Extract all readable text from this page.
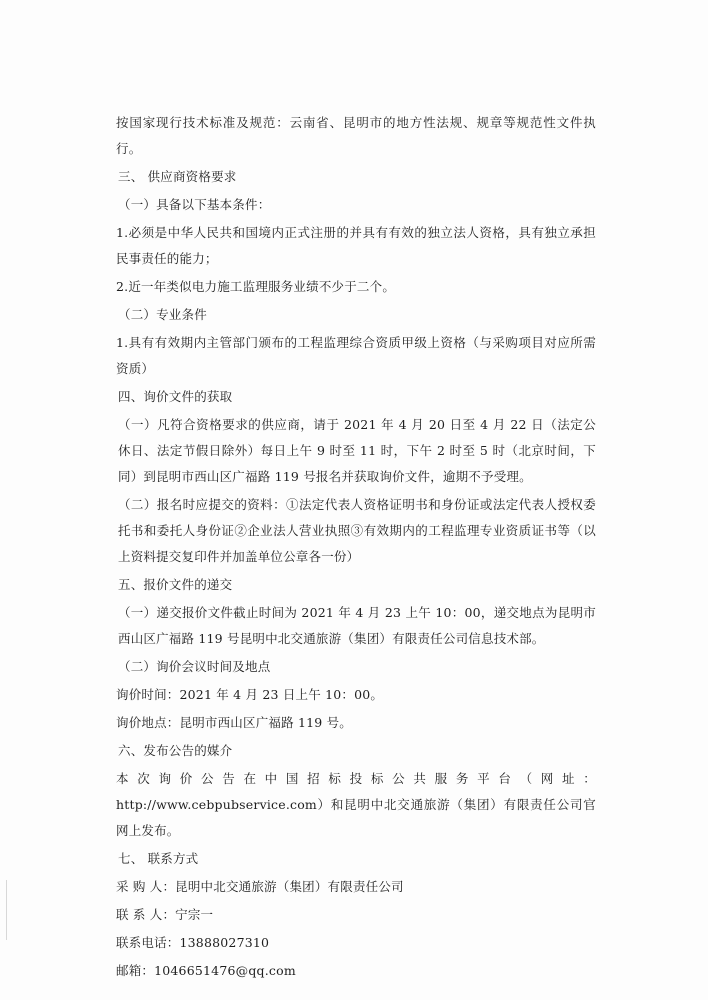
按国家现行技术标准及规范：云南省、昆明市的地方性法规、规章等规范性文件执行。

三、 供应商资格要求

（一）具备以下基本条件：

1.必须是中华人民共和国境内正式注册的并具有有效的独立法人资格，具有独立承担民事责任的能力；

2.近一年类似电力施工监理服务业绩不少于二个。

（二）专业条件

1.具有有效期内主管部门颁布的工程监理综合资质甲级上资格（与采购项目对应所需资质）

四、询价文件的获取

（一）凡符合资格要求的供应商，请于 2021 年 4 月 20 日至 4 月 22 日（法定公休日、法定节假日除外）每日上午 9 时至 11 时，下午 2 时至 5 时（北京时间，下同）到昆明市西山区广福路 119 号报名并获取询价文件，逾期不予受理。

（二）报名时应提交的资料：①法定代表人资格证明书和身份证或法定代表人授权委托书和委托人身份证②企业法人营业执照③有效期内的工程监理专业资质证书等（以上资料提交复印件并加盖单位公章各一份）

五、报价文件的递交

（一）递交报价文件截止时间为 2021 年 4 月 23 上午 10：00，递交地点为昆明市西山区广福路 119 号昆明中北交通旅游（集团）有限责任公司信息技术部。

（二）询价会议时间及地点

询价时间：2021 年 4 月 23 日上午 10：00。

询价地点：昆明市西山区广福路 119 号。

六、发布公告的媒介

本次询价公告在中国招标投标公共服务平台（网址：http://www.cebpubservice.com）和昆明中北交通旅游（集团）有限责任公司官网上发布。

七、 联系方式

采 购 人：昆明中北交通旅游（集团）有限责任公司

联 系 人：宁宗一

联系电话：13888027310

邮箱：1046651476@qq.com
